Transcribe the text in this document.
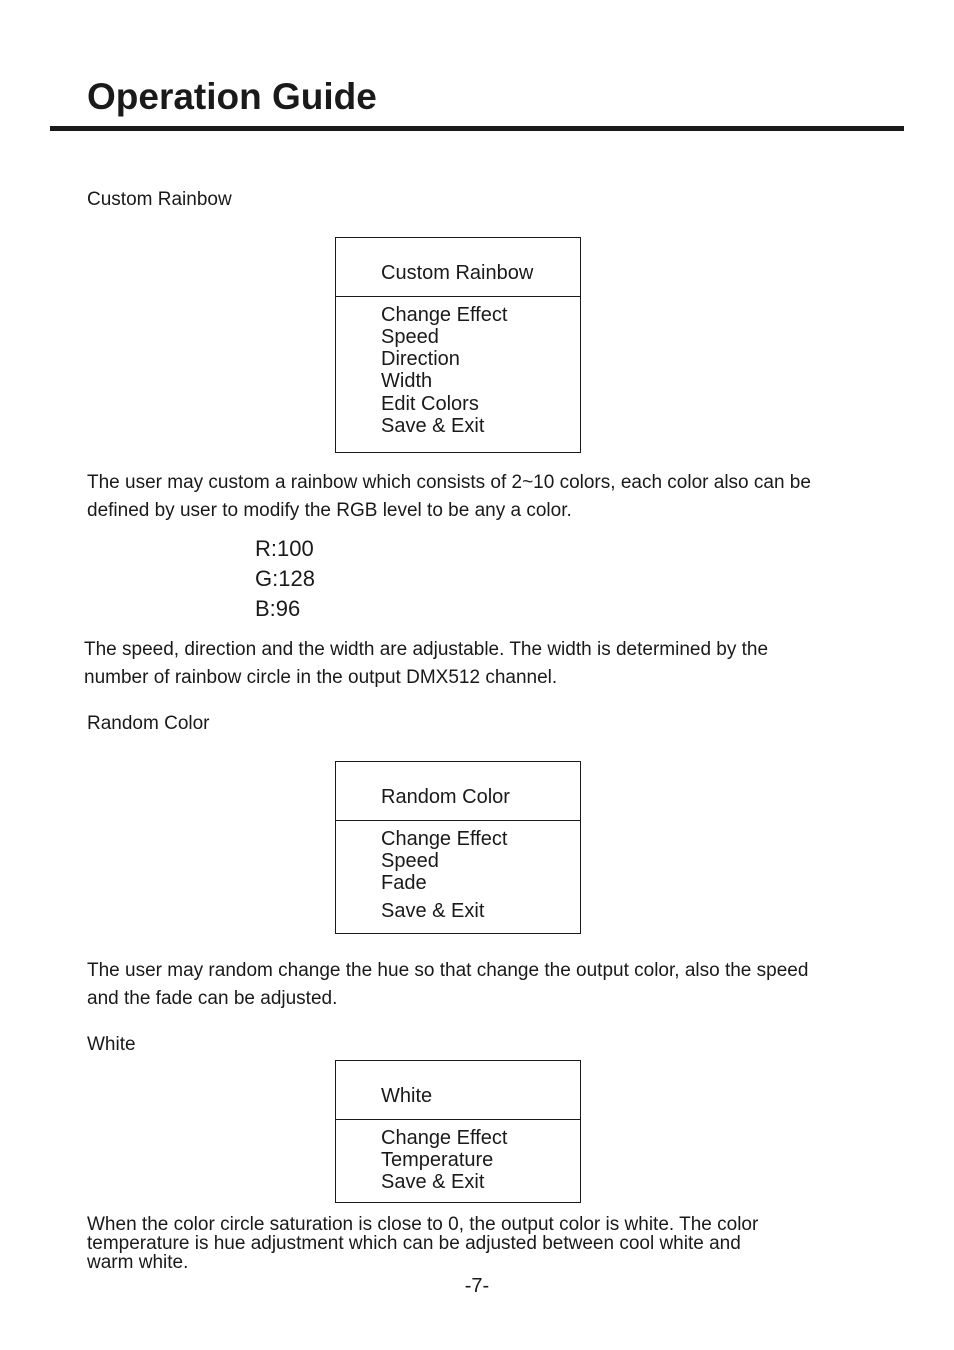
Operation Guide
Custom Rainbow
Custom Rainbow
Change Effect
Speed
Direction
Width
Edit Colors
Save & Exit
The user may custom a rainbow which consists of 2~10 colors, each color also can be
defined by user to modify the RGB level to be any a color.
R:100
G:128
B:96
The speed, direction and the width are adjustable. The width is determined by the
number of rainbow circle in the output DMX512 channel.
Random Color
Random Color
Change Effect
Speed
Fade
Save & Exit
The user may random change the hue so that change the output color, also the speed
and the fade can be adjusted.
White
White
Change Effect
Temperature
Save & Exit
When the color circle saturation is close to 0, the output color is white. The color
temperature is hue adjustment which can be adjusted between cool white and
warm white.
-7-
